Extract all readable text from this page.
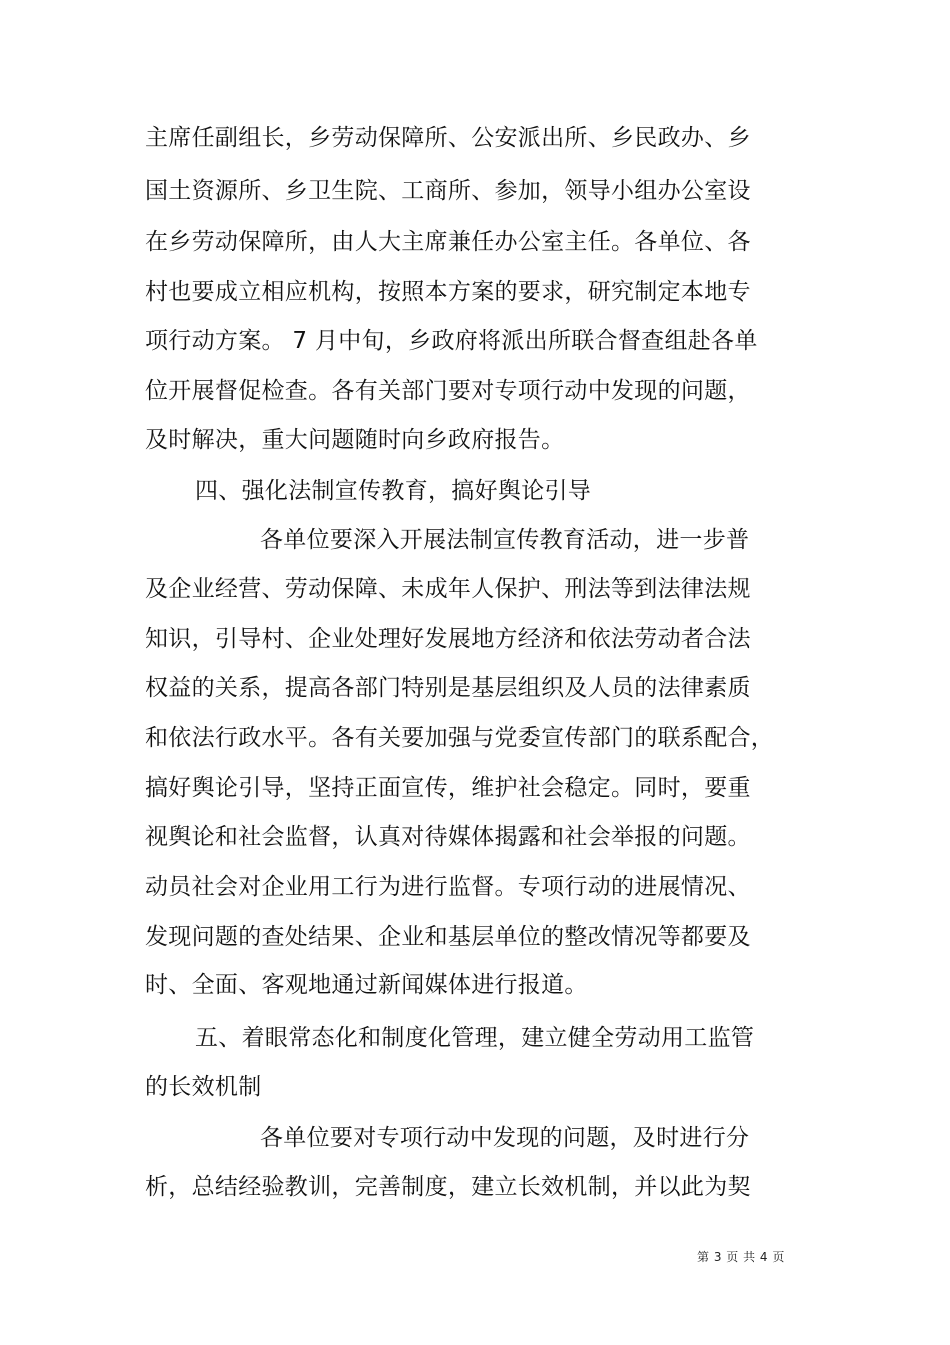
主席任副组长，乡劳动保障所、公安派出所、乡民政办、乡
国土资源所、乡卫生院、工商所、参加，领导小组办公室设
在乡劳动保障所，由人大主席兼任办公室主任。各单位、各
村也要成立相应机构，按照本方案的要求，研究制定本地专
项行动方案。 7 月中旬，乡政府将派出所联合督查组赴各单
位开展督促检查。各有关部门要对专项行动中发现的问题，
及时解决，重大问题随时向乡政府报告。
四、强化法制宣传教育，搞好舆论引导
各单位要深入开展法制宣传教育活动，进一步普
及企业经营、劳动保障、未成年人保护、刑法等到法律法规
知识，引导村、企业处理好发展地方经济和依法劳动者合法
权益的关系，提高各部门特别是基层组织及人员的法律素质
和依法行政水平。各有关要加强与党委宣传部门的联系配合，
搞好舆论引导，坚持正面宣传，维护社会稳定。同时，要重
视舆论和社会监督，认真对待媒体揭露和社会举报的问题。
动员社会对企业用工行为进行监督。专项行动的进展情况、
发现问题的查处结果、企业和基层单位的整改情况等都要及
时、全面、客观地通过新闻媒体进行报道。
五、着眼常态化和制度化管理，建立健全劳动用工监管
的长效机制
各单位要对专项行动中发现的问题，及时进行分
析，总结经验教训，完善制度，建立长效机制，并以此为契
第 3 页 共 4 页
